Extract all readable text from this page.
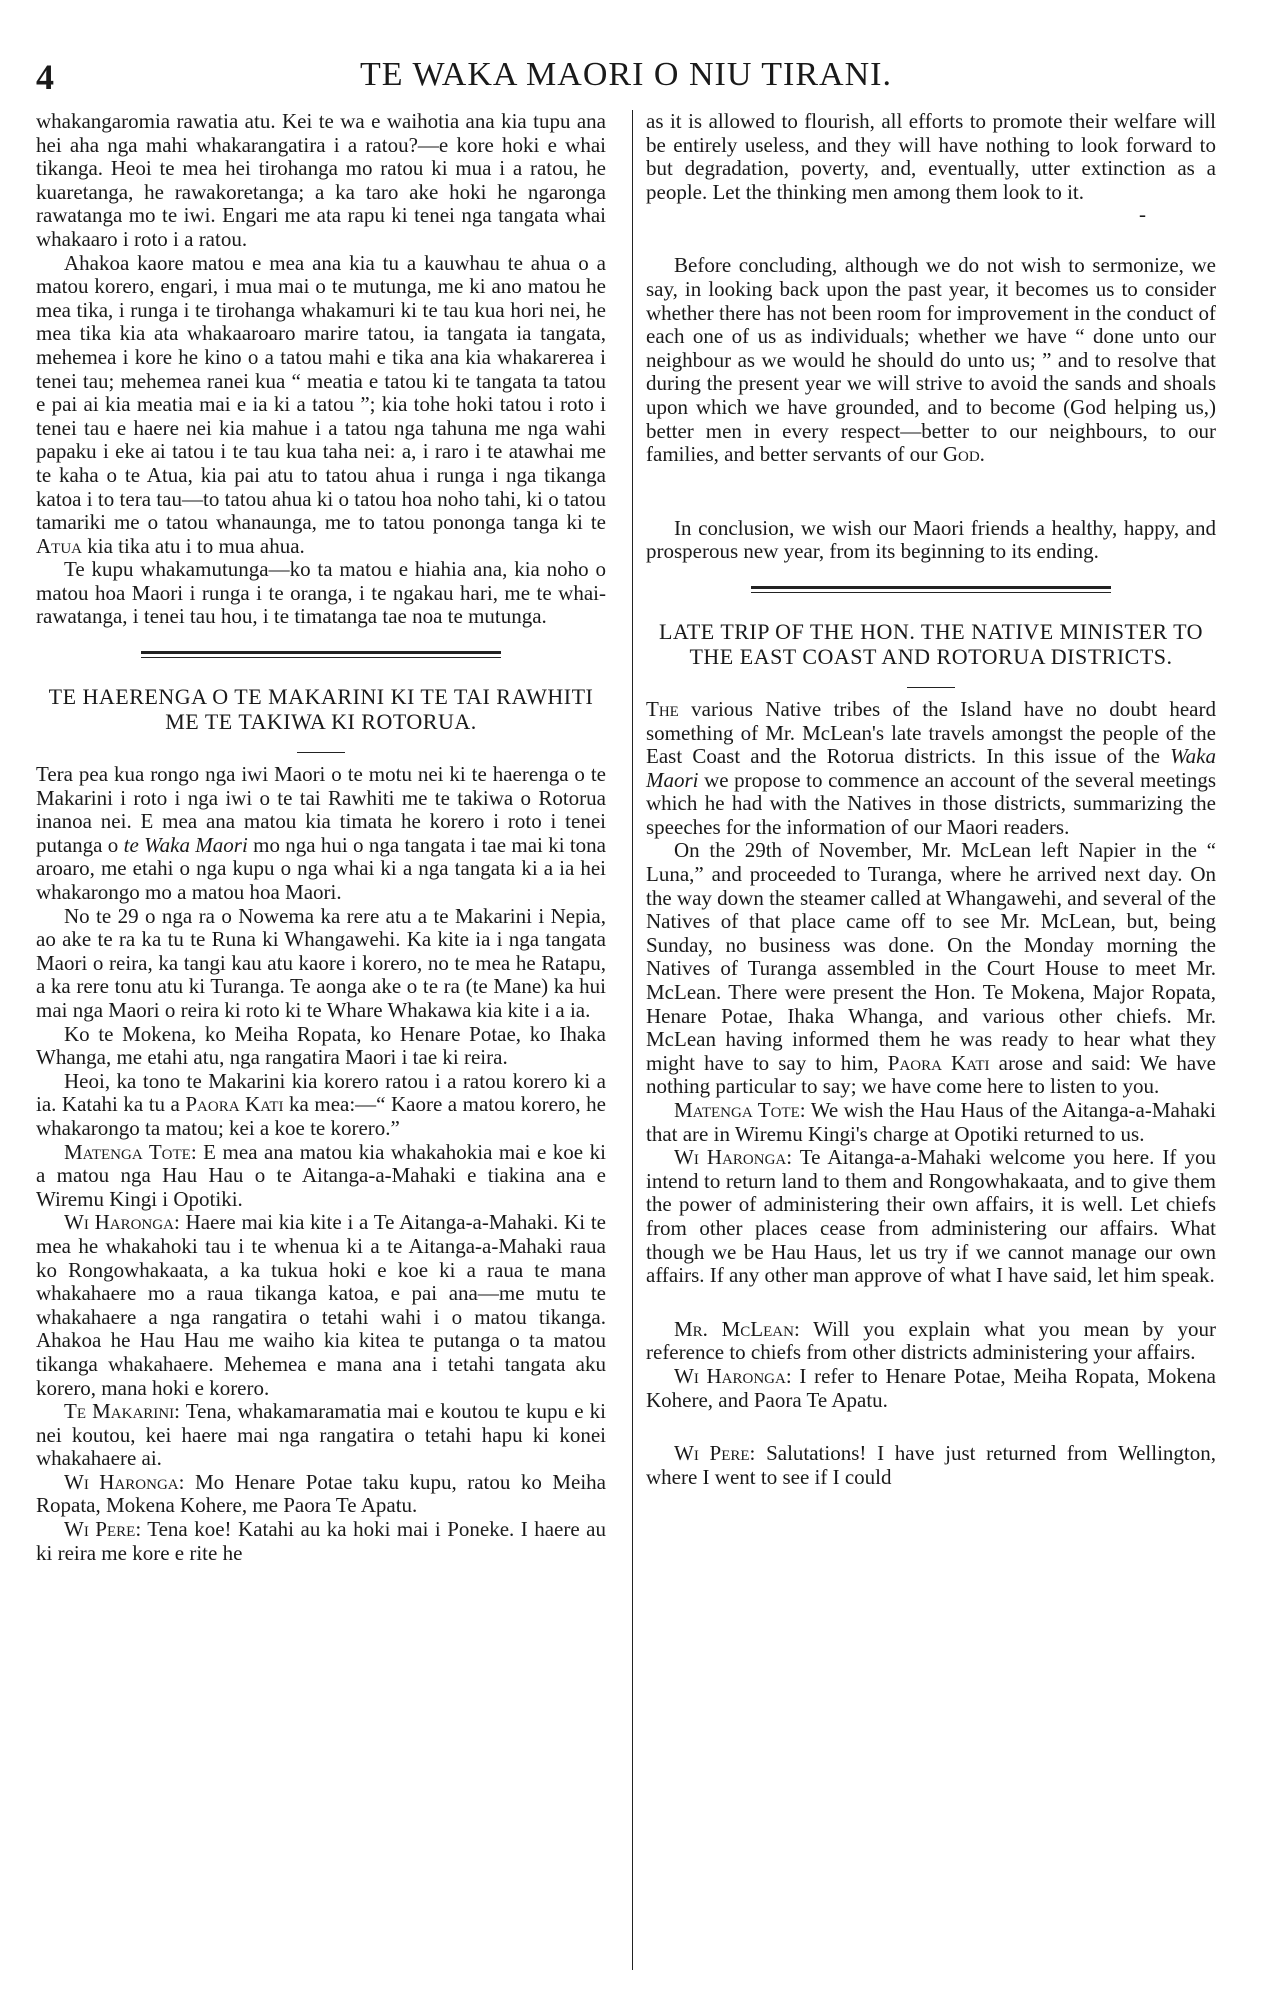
4	TE WAKA MAORI O NIU TIRANI.

whakangaromia rawatia atu. Kei te wa e waihotia ana kia tupu ana hei aha nga mahi whakarangatira i a ratou?—e kore hoki e whai tikanga. Heoi te mea hei tirohanga mo ratou ki mua i a ratou, he kuaretanga, he rawakoretanga; a ka taro ake hoki he ngaronga rawatanga mo te iwi. Engari me ata rapu ki tenei nga tangata whai whakaaro i roto i a ratou.

Ahakoa kaore matou e mea ana kia tu a kauwhau te ahua o a matou korero, engari, i mua mai o te mutunga, me ki ano matou he mea tika, i runga i te tirohanga whakamuri ki te tau kua hori nei, he mea tika kia ata whakaaroaro marire tatou, ia tangata ia tangata, mehemea i kore he kino o a tatou mahi e tika ana kia whakarerea i tenei tau; mehemea ranei kua “ meatia e tatou ki te tangata ta tatou e pai ai kia meatia mai e ia ki a tatou ”; kia tohe hoki tatou i roto i tenei tau e haere nei kia mahue i a tatou nga tahuna me nga wahi papaku i eke ai tatou i te tau kua taha nei: a, i raro i te atawhai me te kaha o te Atua, kia pai atu to tatou ahua i runga i nga tikanga katoa i to tera tau—to tatou ahua ki o tatou hoa noho tahi, ki o tatou tamariki me o tatou whanaunga, me to tatou pononga tanga ki te Atua kia tika atu i to mua ahua.

Te kupu whakamutunga—ko ta matou e hiahia ana, kia noho o matou hoa Maori i runga i te oranga, i te ngakau hari, me te whai-rawatanga, i tenei tau hou, i te timatanga tae noa te mutunga.

TE HAERENGA O TE MAKARINI KI TE TAI RAWHITI ME TE TAKIWA KI ROTORUA.

Tera pea kua rongo nga iwi Maori o te motu nei ki te haerenga o te Makarini i roto i nga iwi o te tai Rawhiti me te takiwa o Rotorua inanoa nei. E mea ana matou kia timata he korero i roto i tenei putanga o te Waka Maori mo nga hui o nga tangata i tae mai ki tona aroaro, me etahi o nga kupu o nga whai ki a nga tangata ki a ia hei whakarongo mo a matou hoa Maori.

No te 29 o nga ra o Nowema ka rere atu a te Makarini i Nepia, ao ake te ra ka tu te Runa ki Whangawehi. Ka kite ia i nga tangata Maori o reira, ka tangi kau atu kaore i korero, no te mea he Ratapu, a ka rere tonu atu ki Turanga. Te aonga ake o te ra (te Mane) ka hui mai nga Maori o reira ki roto ki te Whare Whakawa kia kite i a ia.

Ko te Mokena, ko Meiha Ropata, ko Henare Potae, ko Ihaka Whanga, me etahi atu, nga rangatira Maori i tae ki reira.

Heoi, ka tono te Makarini kia korero ratou i a ratou korero ki a ia. Katahi ka tu a Paora Kati ka mea:—“ Kaore a matou korero, he whakarongo ta matou; kei a koe te korero.”

Matenga Tote: E mea ana matou kia whakahokia mai e koe ki a matou nga Hau Hau o te Aitanga-a-Mahaki e tiakina ana e Wiremu Kingi i Opotiki.

Wi Haronga: Haere mai kia kite i a Te Aitanga-a-Mahaki. Ki te mea he whakahoki tau i te whenua ki a te Aitanga-a-Mahaki raua ko Rongowhakaata, a ka tukua hoki e koe ki a raua te mana whakahaere mo a raua tikanga katoa, e pai ana—me mutu te whakahaere a nga rangatira o tetahi wahi i o matou tikanga. Ahakoa he Hau Hau me waiho kia kitea te putanga o ta matou tikanga whakahaere. Mehemea e mana ana i tetahi tangata aku korero, mana hoki e korero.

Te Makarini: Tena, whakamaramatia mai e koutou te kupu e ki nei koutou, kei haere mai nga rangatira o tetahi hapu ki konei whakahaere ai.

Wi Haronga: Mo Henare Potae taku kupu, ratou ko Meiha Ropata, Mokena Kohere, me Paora Te Apatu.

Wi Pere: Tena koe! Katahi au ka hoki mai i Poneke. I haere au ki reira me kore e rite he

as it is allowed to flourish, all efforts to promote their welfare will be entirely useless, and they will have nothing to look forward to but degradation, poverty, and, eventually, utter extinction as a people. Let the thinking men among them look to it.

-

Before concluding, although we do not wish to sermonize, we say, in looking back upon the past year, it becomes us to consider whether there has not been room for improvement in the conduct of each one of us as individuals; whether we have “ done unto our neighbour as we would he should do unto us; ” and to resolve that during the present year we will strive to avoid the sands and shoals upon which we have grounded, and to become (God helping us,) better men in every respect—better to our neighbours, to our families, and better servants of our God.

In conclusion, we wish our Maori friends a healthy, happy, and prosperous new year, from its beginning to its ending.

LATE TRIP OF THE HON. THE NATIVE MINISTER TO THE EAST COAST AND ROTORUA DISTRICTS.

The various Native tribes of the Island have no doubt heard something of Mr. McLean's late travels amongst the people of the East Coast and the Rotorua districts. In this issue of the Waka Maori we propose to commence an account of the several meetings which he had with the Natives in those districts, summarizing the speeches for the information of our Maori readers.

On the 29th of November, Mr. McLean left Napier in the “ Luna,” and proceeded to Turanga, where he arrived next day. On the way down the steamer called at Whangawehi, and several of the Natives of that place came off to see Mr. McLean, but, being Sunday, no business was done. On the Monday morning the Natives of Turanga assembled in the Court House to meet Mr. McLean. There were present the Hon. Te Mokena, Major Ropata, Henare Potae, Ihaka Whanga, and various other chiefs. Mr. McLean having informed them he was ready to hear what they might have to say to him, Paora Kati arose and said: We have nothing particular to say; we have come here to listen to you.

Matenga Tote: We wish the Hau Haus of the Aitanga-a-Mahaki that are in Wiremu Kingi's charge at Opotiki returned to us.

Wi Haronga: Te Aitanga-a-Mahaki welcome you here. If you intend to return land to them and Rongowhakaata, and to give them the power of administering their own affairs, it is well. Let chiefs from other places cease from administering our affairs. What though we be Hau Haus, let us try if we cannot manage our own affairs. If any other man approve of what I have said, let him speak.

Mr. McLean: Will you explain what you mean by your reference to chiefs from other districts administering your affairs.

Wi Haronga: I refer to Henare Potae, Meiha Ropata, Mokena Kohere, and Paora Te Apatu.

Wi Pere: Salutations! I have just returned from Wellington, where I went to see if I could
